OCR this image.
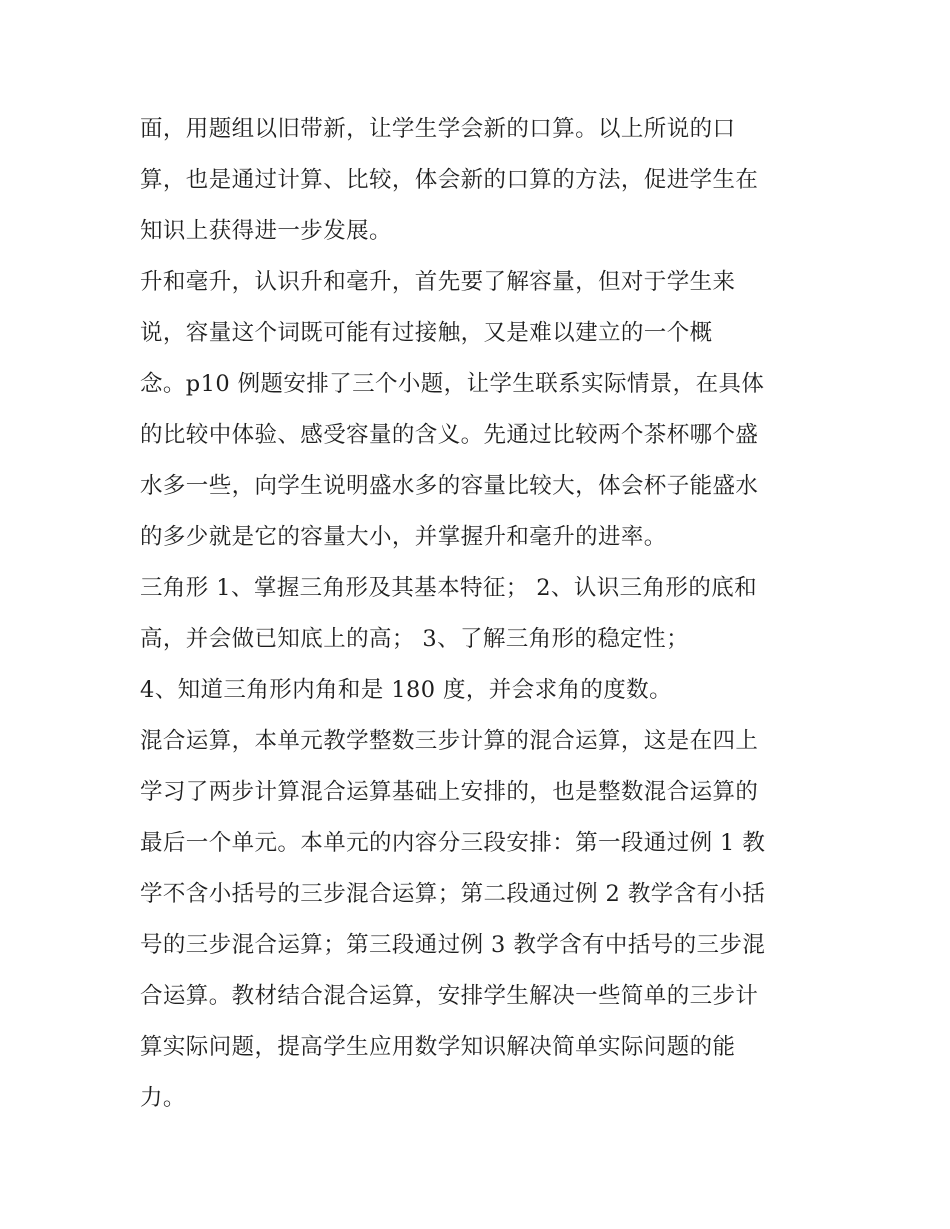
面，用题组以旧带新，让学生学会新的口算。以上所说的口
算，也是通过计算、比较，体会新的口算的方法，促进学生在
知识上获得进一步发展。
升和毫升，认识升和毫升，首先要了解容量，但对于学生来
说，容量这个词既可能有过接触，又是难以建立的一个概
念。p10 例题安排了三个小题，让学生联系实际情景，在具体
的比较中体验、感受容量的含义。先通过比较两个茶杯哪个盛
水多一些，向学生说明盛水多的容量比较大，体会杯子能盛水
的多少就是它的容量大小，并掌握升和毫升的进率。
三角形 1、掌握三角形及其基本特征； 2、认识三角形的底和
高，并会做已知底上的高； 3、了解三角形的稳定性；
4、知道三角形内角和是 180 度，并会求角的度数。
混合运算，本单元教学整数三步计算的混合运算，这是在四上
学习了两步计算混合运算基础上安排的，也是整数混合运算的
最后一个单元。本单元的内容分三段安排：第一段通过例 1 教
学不含小括号的三步混合运算；第二段通过例 2 教学含有小括
号的三步混合运算；第三段通过例 3 教学含有中括号的三步混
合运算。教材结合混合运算，安排学生解决一些简单的三步计
算实际问题，提高学生应用数学知识解决简单实际问题的能
力。
